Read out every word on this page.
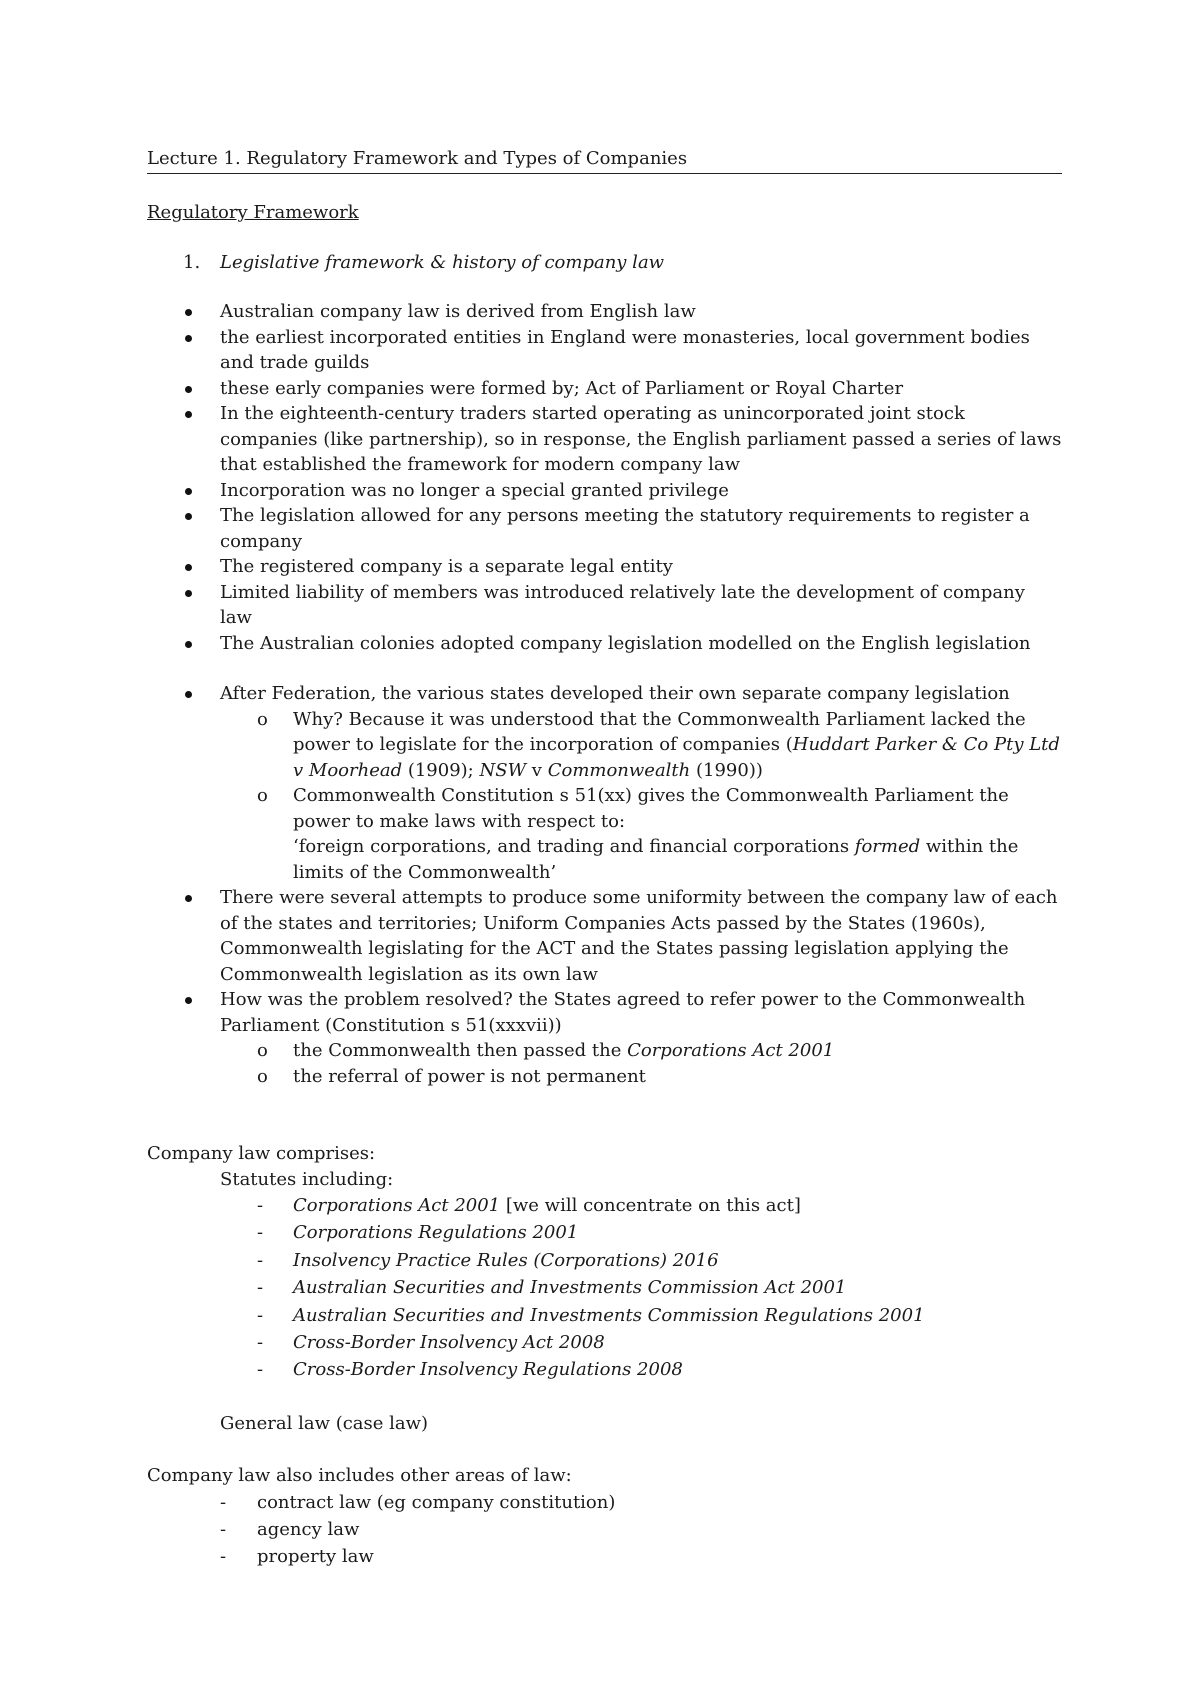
Lecture 1. Regulatory Framework and Types of Companies
Regulatory Framework
1. Legislative framework & history of company law
Australian company law is derived from English law
the earliest incorporated entities in England were monasteries, local government bodies and trade guilds
these early companies were formed by; Act of Parliament or Royal Charter
In the eighteenth-century traders started operating as unincorporated joint stock companies (like partnership), so in response, the English parliament passed a series of laws that established the framework for modern company law
Incorporation was no longer a special granted privilege
The legislation allowed for any persons meeting the statutory requirements to register a company
The registered company is a separate legal entity
Limited liability of members was introduced relatively late the development of company law
The Australian colonies adopted company legislation modelled on the English legislation
After Federation, the various states developed their own separate company legislation
o Why? Because it was understood that the Commonwealth Parliament lacked the power to legislate for the incorporation of companies (Huddart Parker & Co Pty Ltd v Moorhead (1909); NSW v Commonwealth (1990))
o Commonwealth Constitution s 51(xx) gives the Commonwealth Parliament the power to make laws with respect to:
‘foreign corporations, and trading and financial corporations formed within the limits of the Commonwealth’
There were several attempts to produce some uniformity between the company law of each of the states and territories; Uniform Companies Acts passed by the States (1960s), Commonwealth legislating for the ACT and the States passing legislation applying the Commonwealth legislation as its own law
How was the problem resolved? the States agreed to refer power to the Commonwealth Parliament (Constitution s 51(xxxvii))
o the Commonwealth then passed the Corporations Act 2001
o the referral of power is not permanent
Company law comprises:
Statutes including:
- Corporations Act 2001 [we will concentrate on this act]
- Corporations Regulations 2001
- Insolvency Practice Rules (Corporations) 2016
- Australian Securities and Investments Commission Act 2001
- Australian Securities and Investments Commission Regulations 2001
- Cross-Border Insolvency Act 2008
- Cross-Border Insolvency Regulations 2008
General law (case law)
Company law also includes other areas of law:
- contract law (eg company constitution)
- agency law
- property law
